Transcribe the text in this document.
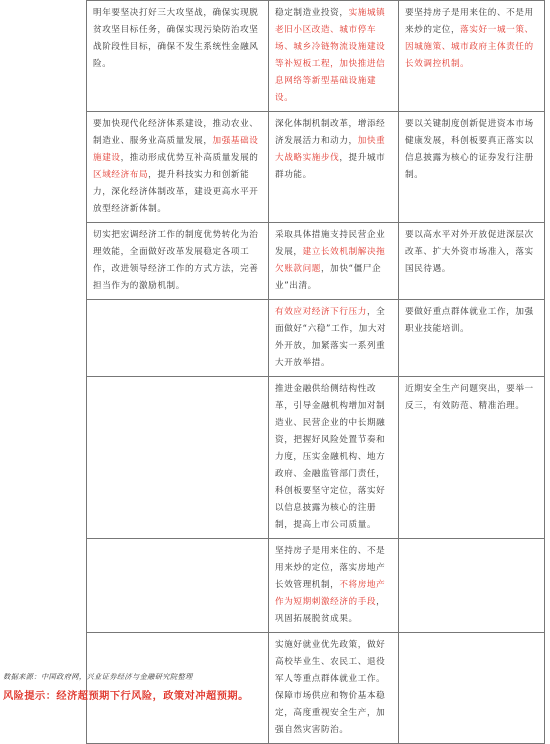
明年要坚决打好三大攻坚战，确保实现脱贫攻坚目标任务，确保实现污染防治攻坚战阶段性目标，确保不发生系统性金融风险。	稳定制造业投资，实施城镇老旧小区改造、城市停车场、城乡冷链物流设施建设等补短板工程，加快推进信息网络等新型基础设施建设。	要坚持房子是用来住的、不是用来炒的定位，落实好一城一策、因城施策、城市政府主体责任的长效调控机制。
要加快现代化经济体系建设，推动农业、制造业、服务业高质量发展，加强基础设施建设，推动形成优势互补高质量发展的区域经济布局，提升科技实力和创新能力，深化经济体制改革，建设更高水平开放型经济新体制。	深化体制机制改革，增添经济发展活力和动力，加快重大战略实施步伐，提升城市群功能。	要以关键制度创新促进资本市场健康发展，科创板要真正落实以信息披露为核心的证券发行注册制。
切实把宏调经济工作的制度优势转化为治理效能，全面做好改革发展稳定各项工作，改进领导经济工作的方式方法，完善担当作为的激励机制。	采取具体措施支持民营企业发展，建立长效机制解决拖欠账款问题，加快“僵尸企业”出清。	要以高水平对外开放促进深层次改革、扩大外资市场准入，落实国民待遇。
	有效应对经济下行压力，全面做好“六稳”工作，加大对外开放，加紧落实一系列重大开放举措。	要做好重点群体就业工作，加强职业技能培训。
	推进金融供给侧结构性改革，引导金融机构增加对制造业、民营企业的中长期融资，把握好风险处置节奏和力度，压实金融机构、地方政府、金融监管部门责任，科创板要坚守定位，落实好以信息披露为核心的注册制，提高上市公司质量。	近期安全生产问题突出，要举一反三，有效防范、精准治理。
	坚持房子是用来住的、不是用来炒的定位，落实房地产长效管理机制，不将房地产作为短期刺激经济的手段，巩固拓展脱贫成果。	
	实施好就业优先政策，做好高校毕业生、农民工、退役军人等重点群体就业工作。保障市场供应和物价基本稳定，高度重视安全生产，加强自然灾害防治。	
数据来源：中国政府网，兴业证券经济与金融研究院整理
风险提示：经济超预期下行风险，政策对冲超预期。
